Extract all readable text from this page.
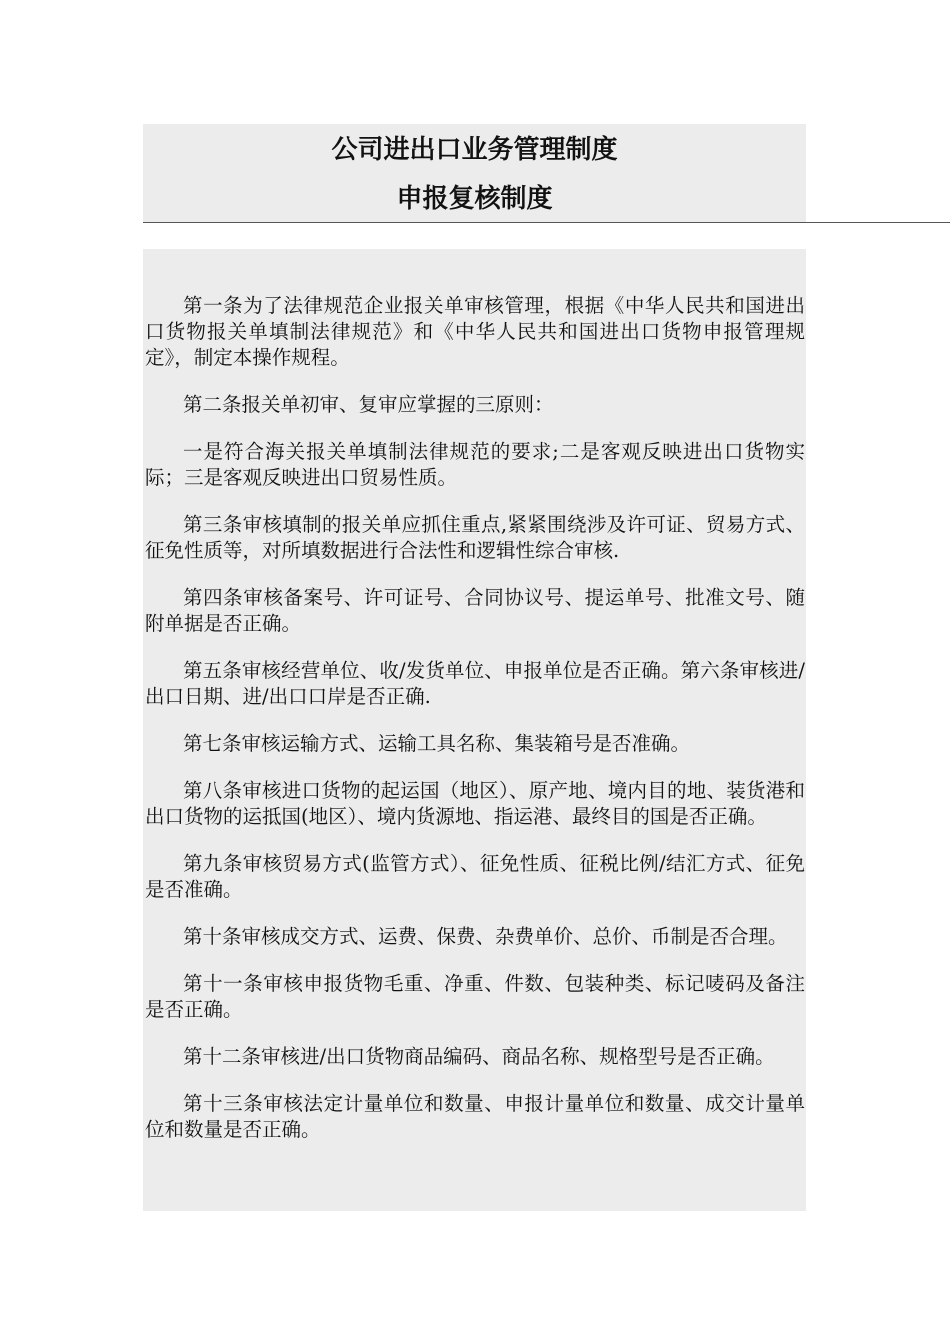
公司进出口业务管理制度
申报复核制度

第一条为了法律规范企业报关单审核管理，根据《中华人民共和国进出口货物报关单填制法律规范》和《中华人民共和国进出口货物申报管理规定》，制定本操作规程。

第二条报关单初审、复审应掌握的三原则：

一是符合海关报关单填制法律规范的要求;二是客观反映进出口货物实际；三是客观反映进出口贸易性质。

第三条审核填制的报关单应抓住重点,紧紧围绕涉及许可证、贸易方式、征免性质等，对所填数据进行合法性和逻辑性综合审核.

第四条审核备案号、许可证号、合同协议号、提运单号、批准文号、随附单据是否正确。

第五条审核经营单位、收/发货单位、申报单位是否正确。第六条审核进/出口日期、进/出口口岸是否正确.

第七条审核运输方式、运输工具名称、集装箱号是否准确。

第八条审核进口货物的起运国（地区）、原产地、境内目的地、装货港和出口货物的运抵国(地区）、境内货源地、指运港、最终目的国是否正确。

第九条审核贸易方式(监管方式）、征免性质、征税比例/结汇方式、征免是否准确。

第十条审核成交方式、运费、保费、杂费单价、总价、币制是否合理。

第十一条审核申报货物毛重、净重、件数、包装种类、标记唛码及备注是否正确。

第十二条审核进/出口货物商品编码、商品名称、规格型号是否正确。

第十三条审核法定计量单位和数量、申报计量单位和数量、成交计量单位和数量是否正确。
